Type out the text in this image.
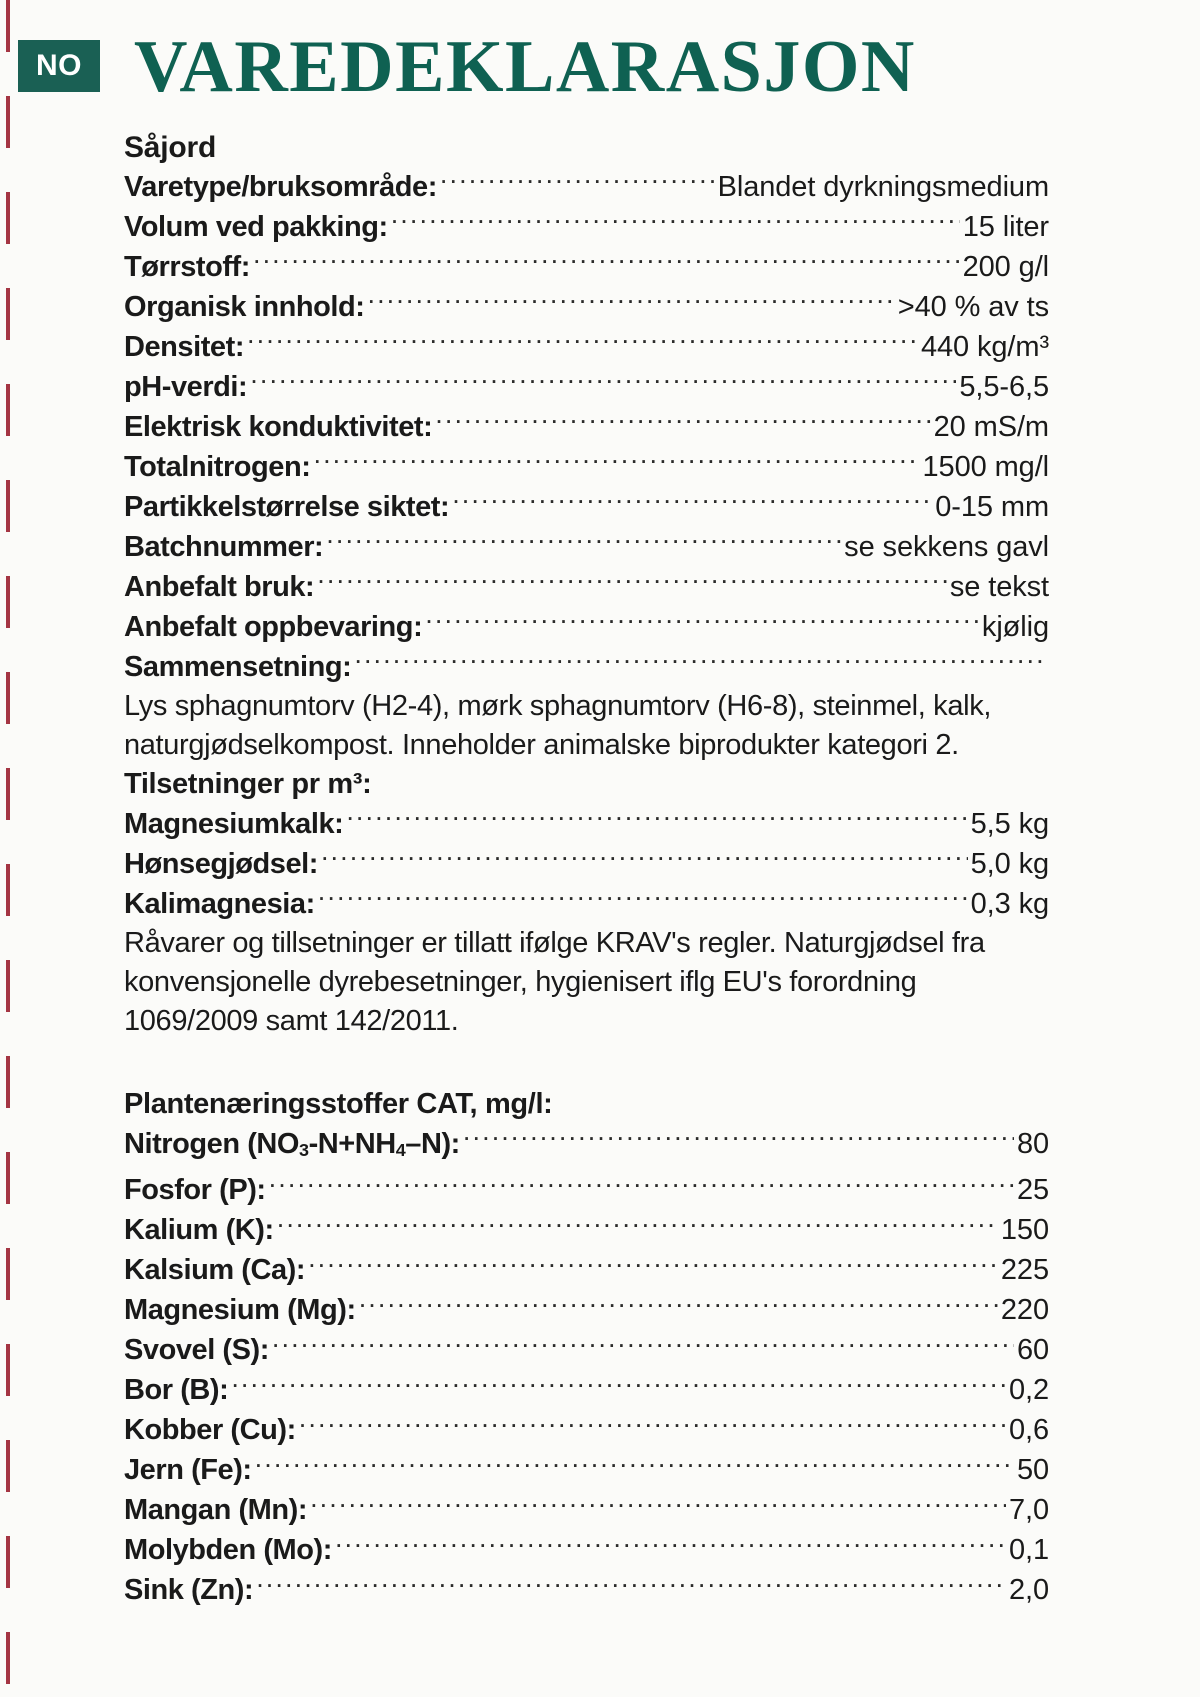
NO VAREDEKLARASJON
Såjord
Varetype/bruksområde: .....	Blandet dyrkningsmedium
Volum ved pakking: .....	15 liter
Tørrstoff: .....	200 g/l
Organisk innhold: .....	>40 % av ts
Densitet: .....	440 kg/m³
pH-verdi: .....	5,5-6,5
Elektrisk konduktivitet: .....	20 mS/m
Totalnitrogen: .....	1500 mg/l
Partikkelstørrelse siktet: .....	0-15 mm
Batchnummer: .....	se sekkens gavl
Anbefalt bruk: .....	se tekst
Anbefalt oppbevaring: .....	kjølig
Sammensetning:
.....
Lys sphagnumtorv (H2-4), mørk sphagnumtorv (H6-8), steinmel, kalk, naturgjødselkompost. Inneholder animalske biprodukter kategori 2.
Tilsetninger pr m³:
Magnesiumkalk: .....	5,5 kg
Hønsegjødsel: .....	5,0 kg
Kalimagnesia: .....	0,3 kg
Råvarer og tillsetninger er tillatt ifølge KRAV's regler. Naturgjødsel fra konvensjonelle dyrebesetninger, hygienisert iflg EU's forordning 1069/2009 samt 142/2011.
Plantenæringsstoffer CAT, mg/l:
Nitrogen $(NO_3-N+NH_4-N)$: .....	80
Fosfor (P): .....	25
Kalium (K): .....	150
Kalsium (Ca): .....	225
Magnesium (Mg): .....	220
Svovel (S): .....	60
Bor (B): .....	0,2
Kobber (Cu): .....	0,6
Jern (Fe): .....	50
Mangan (Mn): .....	7,0
Molybden (Mo): .....	0,1
Sink (Zn): .....	2,0
